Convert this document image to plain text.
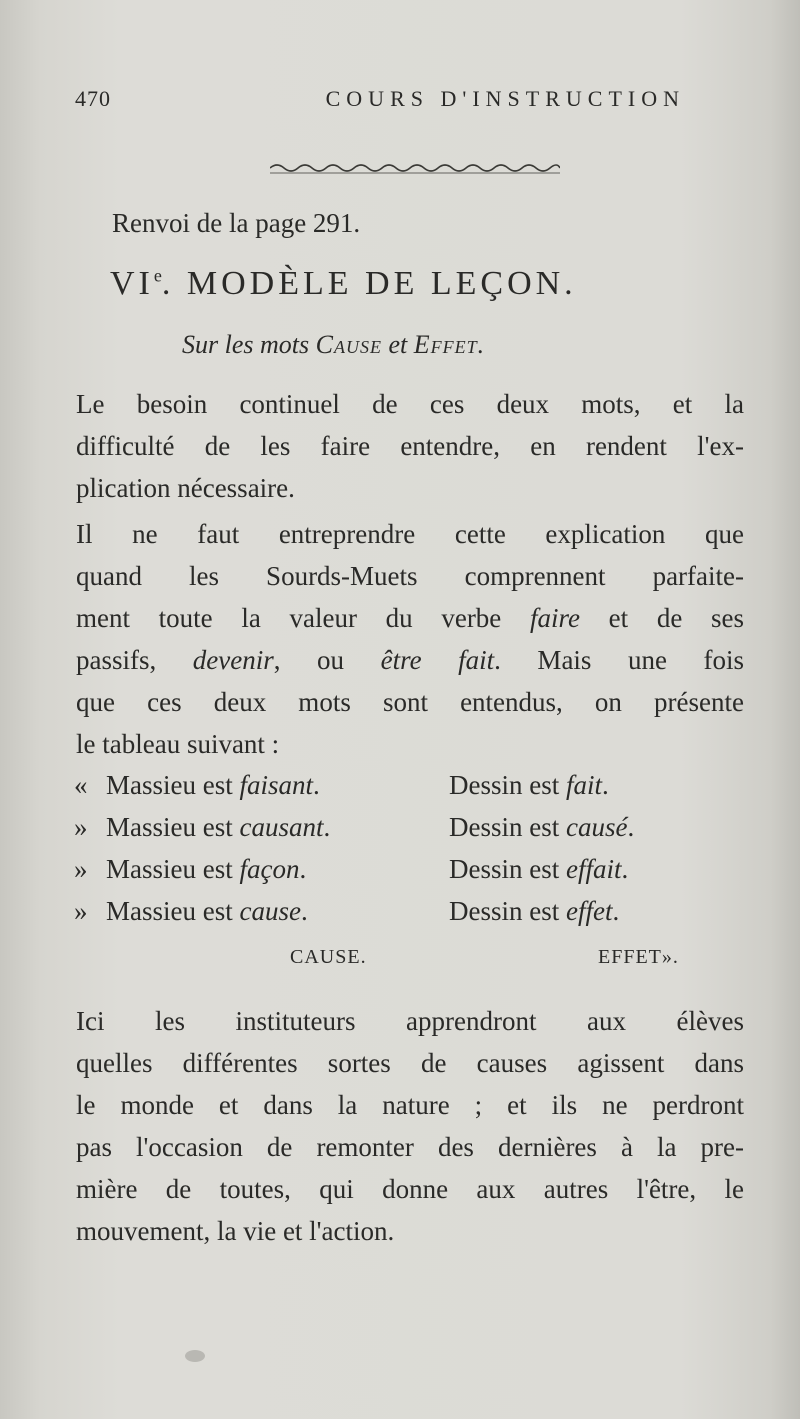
470	COURS D'INSTRUCTION
Renvoi de la page 291.
VIe. MODÈLE DE LEÇON.
Sur les mots Cause et Effet.
Le besoin continuel de ces deux mots, et la
difficulté de les faire entendre, en rendent l'ex-
plication nécessaire.
Il ne faut entreprendre cette explication que
quand les Sourds-Muets comprennent parfaite-
ment toute la valeur du verbe faire et de ses
passifs, devenir, ou être fait. Mais une fois
que ces deux mots sont entendus, on présente
le tableau suivant :
« Massieu est faisant.	Dessin est fait.
» Massieu est causant.	Dessin est causé.
» Massieu est façon.	Dessin est effait.
» Massieu est cause.	Dessin est effet.
CAUSE.	EFFET».
Ici les instituteurs apprendront aux élèves
quelles différentes sortes de causes agissent dans
le monde et dans la nature ; et ils ne perdront
pas l'occasion de remonter des dernières à la pre-
mière de toutes, qui donne aux autres l'être, le
mouvement, la vie et l'action.
